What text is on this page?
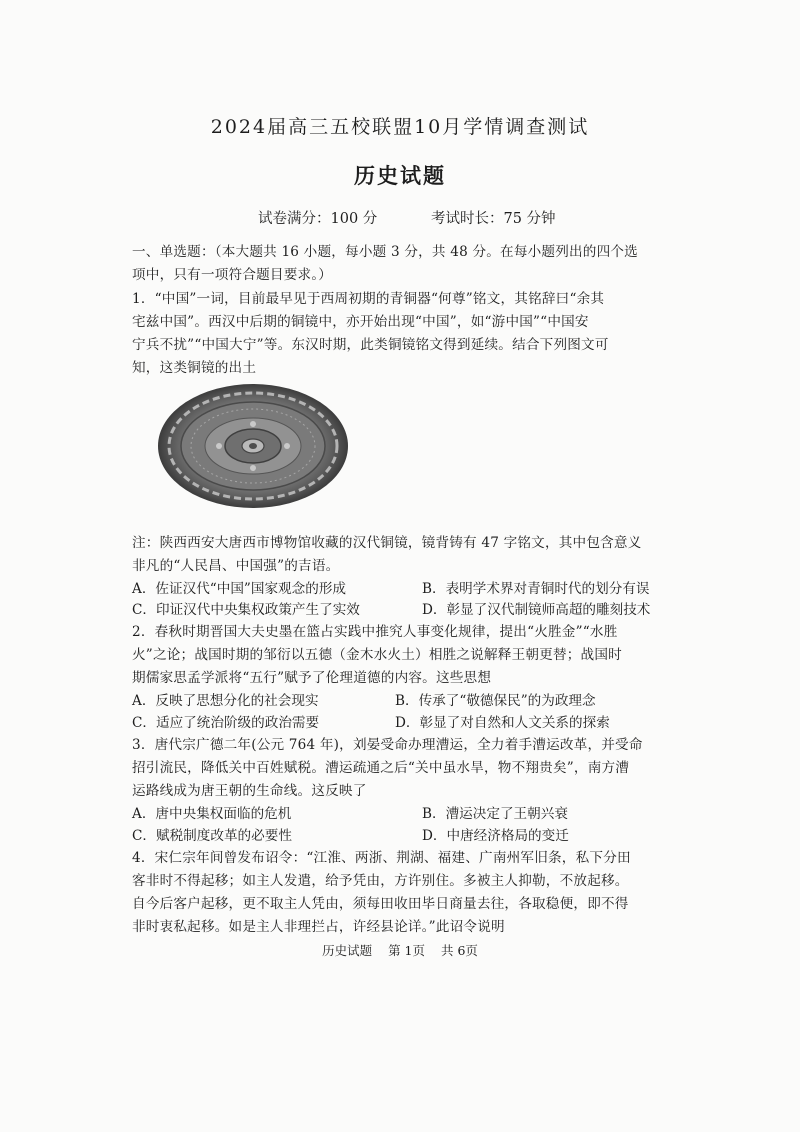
2024届高三五校联盟10月学情调查测试
历史试题
试卷满分：100 分	考试时长：75 分钟
一、单选题：（本大题共 16 小题，每小题 3 分，共 48 分。在每小题列出的四个选
项中，只有一项符合题目要求。）
1．“中国”一词，目前最早见于西周初期的青铜器“何尊”铭文，其铭辞曰“余其
宅兹中国”。西汉中后期的铜镜中，亦开始出现“中国”，如“游中国”“中国安
宁兵不扰”“中国大宁”等。东汉时期，此类铜镜铭文得到延续。结合下列图文可
知，这类铜镜的出土
注：陕西西安大唐西市博物馆收藏的汉代铜镜，镜背铸有 47 字铭文，其中包含意义
非凡的“人民昌、中国强”的吉语。
A．佐证汉代“中国”国家观念的形成	B．表明学术界对青铜时代的划分有误
C．印证汉代中央集权政策产生了实效	D．彰显了汉代制镜师高超的雕刻技术
2．春秋时期晋国大夫史墨在篮占实践中推究人事变化规律，提出“火胜金”“水胜
火”之论；战国时期的邹衍以五德（金木水火土）相胜之说解释王朝更替；战国时
期儒家思孟学派将“五行”赋予了伦理道德的内容。这些思想
A．反映了思想分化的社会现实	B．传承了“敬德保民”的为政理念
C．适应了统治阶级的政治需要	D．彰显了对自然和人文关系的探索
3．唐代宗广德二年(公元 764 年)，刘晏受命办理漕运，全力着手漕运改革，并受命
招引流民，降低关中百姓赋税。漕运疏通之后“关中虽水旱，物不翔贵矣”，南方漕
运路线成为唐王朝的生命线。这反映了
A．唐中央集权面临的危机	B．漕运决定了王朝兴衰
C．赋税制度改革的必要性	D．中唐经济格局的变迁
4．宋仁宗年间曾发布诏令：“江淮、两浙、荆湖、福建、广南州军旧条，私下分田
客非时不得起移；如主人发遣，给予凭由，方许别住。多被主人抑勒，不放起移。
自今后客户起移，更不取主人凭由，须每田收田毕日商量去往，各取稳便，即不得
非时衷私起移。如是主人非理拦占，许经县论详。”此诏令说明
历史试题 第 1页 共 6页
